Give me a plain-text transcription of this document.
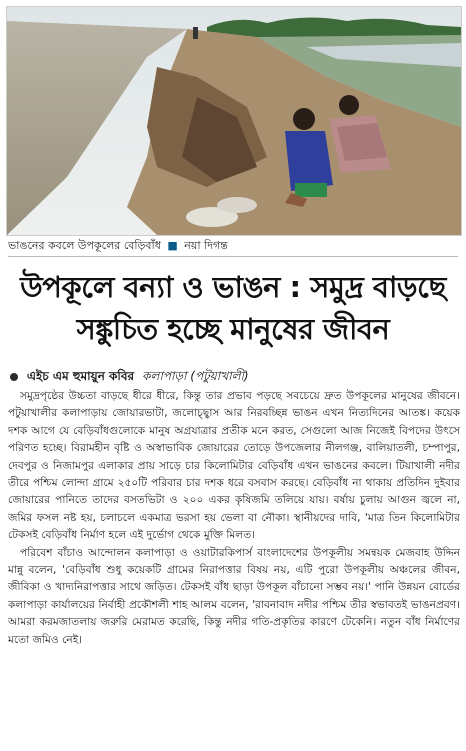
ভাঙনের কবলে উপকূলের বেড়িবাঁধ ■ নয়া দিগন্ত
উপকূলে বন্যা ও ভাঙন : সমুদ্র বাড়ছে
সঙ্কুচিত হচ্ছে মানুষের জীবন
এইচ এম হুমায়ুন কবির কলাপাড়া (পটুয়াখালী)

সমুদ্রপৃষ্ঠের উচ্চতা বাড়ছে ধীরে ধীরে, কিন্তু তার প্রভাব পড়ছে সবচেয়ে দ্রুত উপকূলের মানুষের জীবনে। পটুয়াখালীর কলাপাড়ায় জোয়ারভাটা, জলোচ্ছ্বাস আর নিরবচ্ছিন্ন ভাঙন এখন নিত্যদিনের আতঙ্ক। কয়েক দশক আগে যে বেড়িবাঁধগুলোকে মানুষ অগ্রযাত্রার প্রতীক মনে করত, সেগুলো আজ নিজেই বিপদের উৎসে পরিণত হচ্ছে। বিরামহীন বৃষ্টি ও অস্বাভাবিক জোয়ারের তোড়ে উপজেলার নীলগঞ্জ, বালিয়াতলী, চম্পাপুর, দেবপুর ও নিজামপুর এলাকার প্রায় সাড়ে চার কিলোমিটার বেড়িবাঁধ এখন ভাঙনের কবলে। টিয়াখালী নদীর তীরে পশ্চিম লোন্দা গ্রামে ২৫০টি পরিবার চার দশক ধরে বসবাস করছে। বেড়িবাঁধ না থাকায় প্রতিদিন দুইবার জোয়ারের পানিতে তাদের বসতভিটা ও ২০০ একর কৃষিজমি তলিয়ে যায়। বর্ষায় চুলায় আগুন জ্বলে না, জমির ফসল নষ্ট হয়, চলাচলে একমাত্র ভরসা হয় ভেলা বা নৌকা। স্থানীয়দের দাবি, 'মাত্র তিন কিলোমিটার টেকসই বেড়িবাঁধ নির্মাণ হলে এই দুর্ভোগ থেকে মুক্তি মিলত।

পরিবেশ বাঁচাও আন্দোলন কলাপাড়া ও ওয়াটারকিপার্স বাংলাদেশের উপকূলীয় সমন্বয়ক মেজবাহ উদ্দিন মান্নু বলেন, 'বেড়িবাঁধ শুধু কয়েকটি গ্রামের নিরাপত্তার বিষয় নয়, এটি পুরো উপকূলীয় অঞ্চলের জীবন, জীবিকা ও খাদ্যনিরাপত্তার সাথে জড়িত। টেকসই বাঁধ ছাড়া উপকূল বাঁচানো সম্ভব নয়।' পানি উন্নয়ন বোর্ডের কলাপাড়া কার্যালয়ের নির্বাহী প্রকৌশলী শাহ আলম বলেন, 'রাবনাবাদ নদীর পশ্চিম তীর স্বভাবতই ভাঙনপ্রবণ। আমরা করমজাতলায় জরুরি মেরামত করেছি, কিন্তু নদীর গতি-প্রকৃতির কারণে টেকেনি। নতুন বাঁধ নির্মাণের মতো জমিও নেই।
